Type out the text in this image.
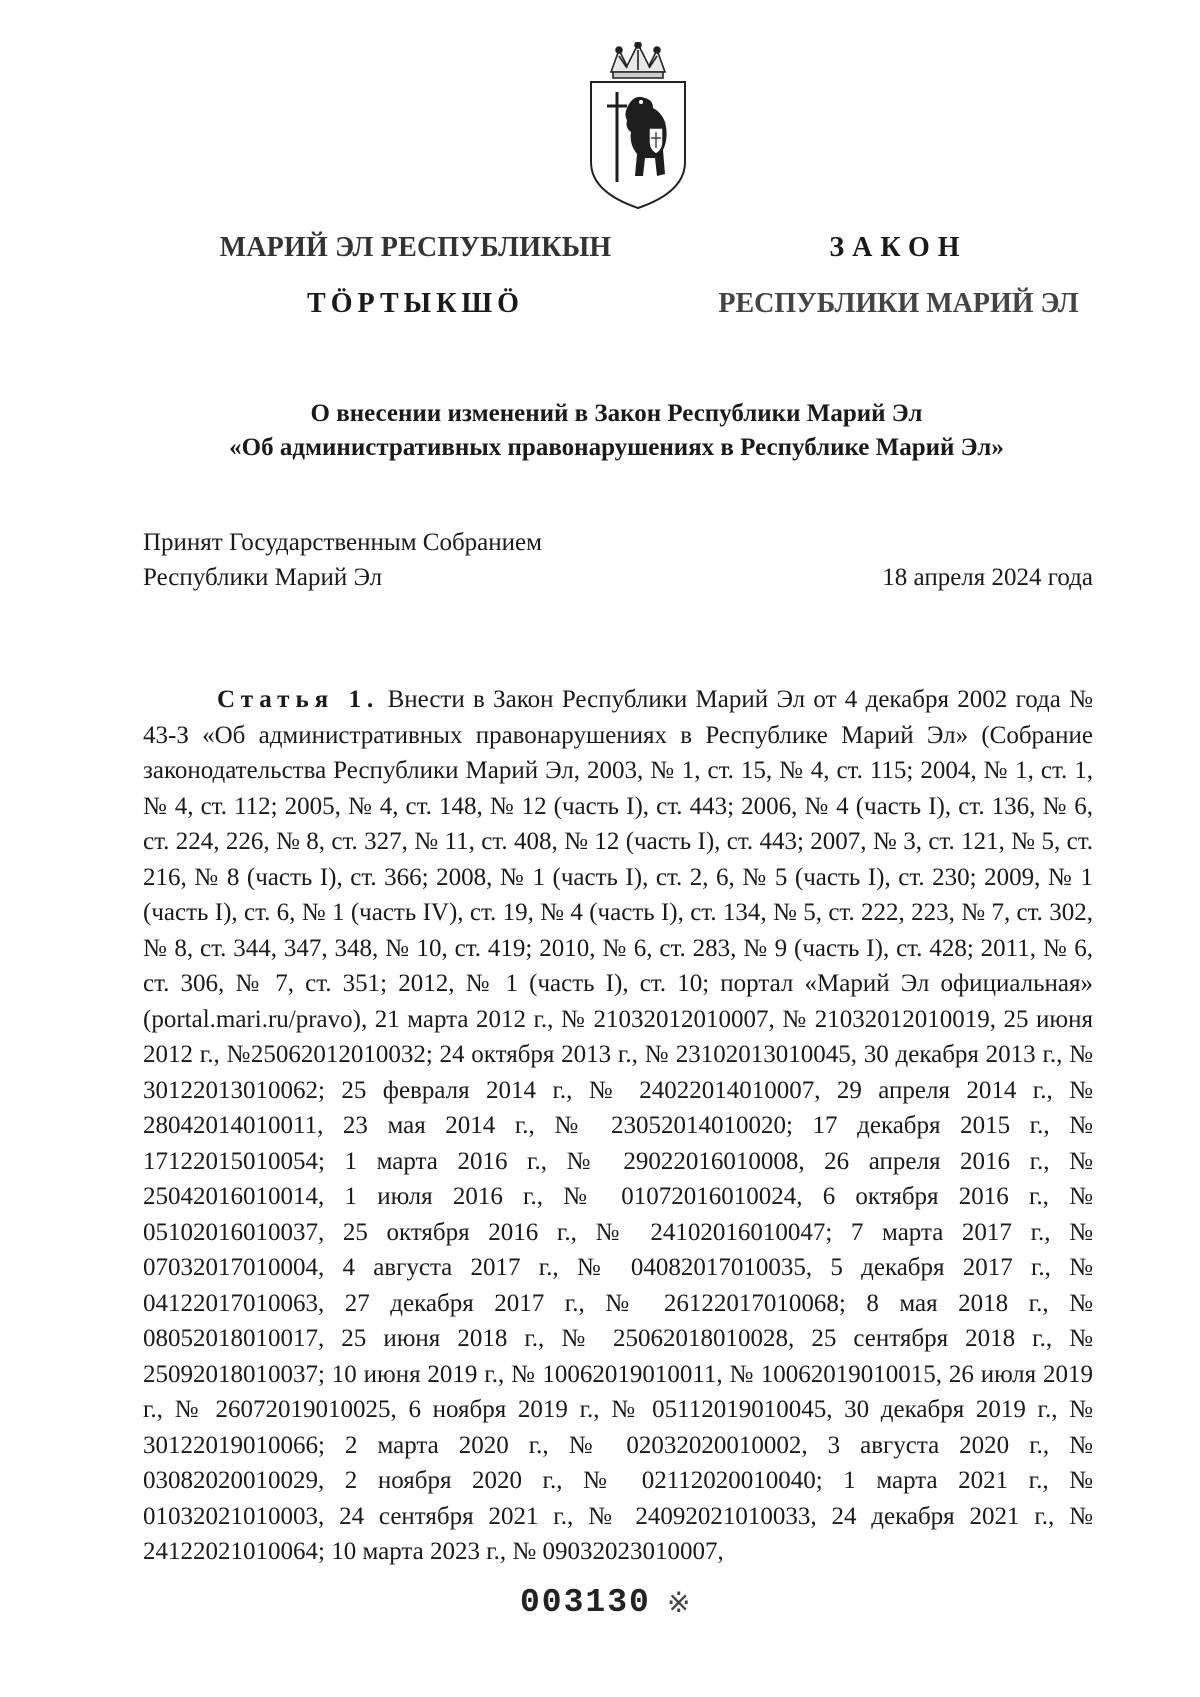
МАРИЙ ЭЛ РЕСПУБЛИКЫН
ТӦРТЫКШӦ
ЗАКОН
РЕСПУБЛИКИ МАРИЙ ЭЛ
О внесении изменений в Закон Республики Марий Эл
«Об административных правонарушениях в Республике Марий Эл»
Принят Государственным Собранием
Республики Марий Эл	18 апреля 2024 года
Статья 1. Внести в Закон Республики Марий Эл от 4 декабря 2002 года № 43-З «Об административных правонарушениях в Республике Марий Эл» (Собрание законодательства Республики Марий Эл, 2003, № 1, ст. 15, № 4, ст. 115; 2004, № 1, ст. 1, № 4, ст. 112; 2005, № 4, ст. 148, № 12 (часть I), ст. 443; 2006, № 4 (часть I), ст. 136, № 6, ст. 224, 226, № 8, ст. 327, № 11, ст. 408, № 12 (часть I), ст. 443; 2007, № 3, ст. 121, № 5, ст. 216, № 8 (часть I), ст. 366; 2008, № 1 (часть I), ст. 2, 6, № 5 (часть I), ст. 230; 2009, № 1 (часть I), ст. 6, № 1 (часть IV), ст. 19, № 4 (часть I), ст. 134, № 5, ст. 222, 223, № 7, ст. 302, № 8, ст. 344, 347, 348, № 10, ст. 419; 2010, № 6, ст. 283, № 9 (часть I), ст. 428; 2011, № 6, ст. 306, № 7, ст. 351; 2012, № 1 (часть I), ст. 10; портал «Марий Эл официальная» (portal.mari.ru/pravo), 21 марта 2012 г., № 21032012010007, № 21032012010019, 25 июня 2012 г., №25062012010032; 24 октября 2013 г., № 23102013010045, 30 декабря 2013 г., № 30122013010062; 25 февраля 2014 г., № 24022014010007, 29 апреля 2014 г., № 28042014010011, 23 мая 2014 г., № 23052014010020; 17 декабря 2015 г., № 17122015010054; 1 марта 2016 г., № 29022016010008, 26 апреля 2016 г., № 25042016010014, 1 июля 2016 г., № 01072016010024, 6 октября 2016 г., № 05102016010037, 25 октября 2016 г., № 24102016010047; 7 марта 2017 г., № 07032017010004, 4 августа 2017 г., № 04082017010035, 5 декабря 2017 г., № 04122017010063, 27 декабря 2017 г., № 26122017010068; 8 мая 2018 г., № 08052018010017, 25 июня 2018 г., № 25062018010028, 25 сентября 2018 г., № 25092018010037; 10 июня 2019 г., № 10062019010011, № 10062019010015, 26 июля 2019 г., № 26072019010025, 6 ноября 2019 г., № 05112019010045, 30 декабря 2019 г., № 30122019010066; 2 марта 2020 г., № 02032020010002, 3 августа 2020 г., № 03082020010029, 2 ноября 2020 г., № 02112020010040; 1 марта 2021 г., № 01032021010003, 24 сентября 2021 г., № 24092021010033, 24 декабря 2021 г., № 24122021010064; 10 марта 2023 г., № 09032023010007,
003130 ※
